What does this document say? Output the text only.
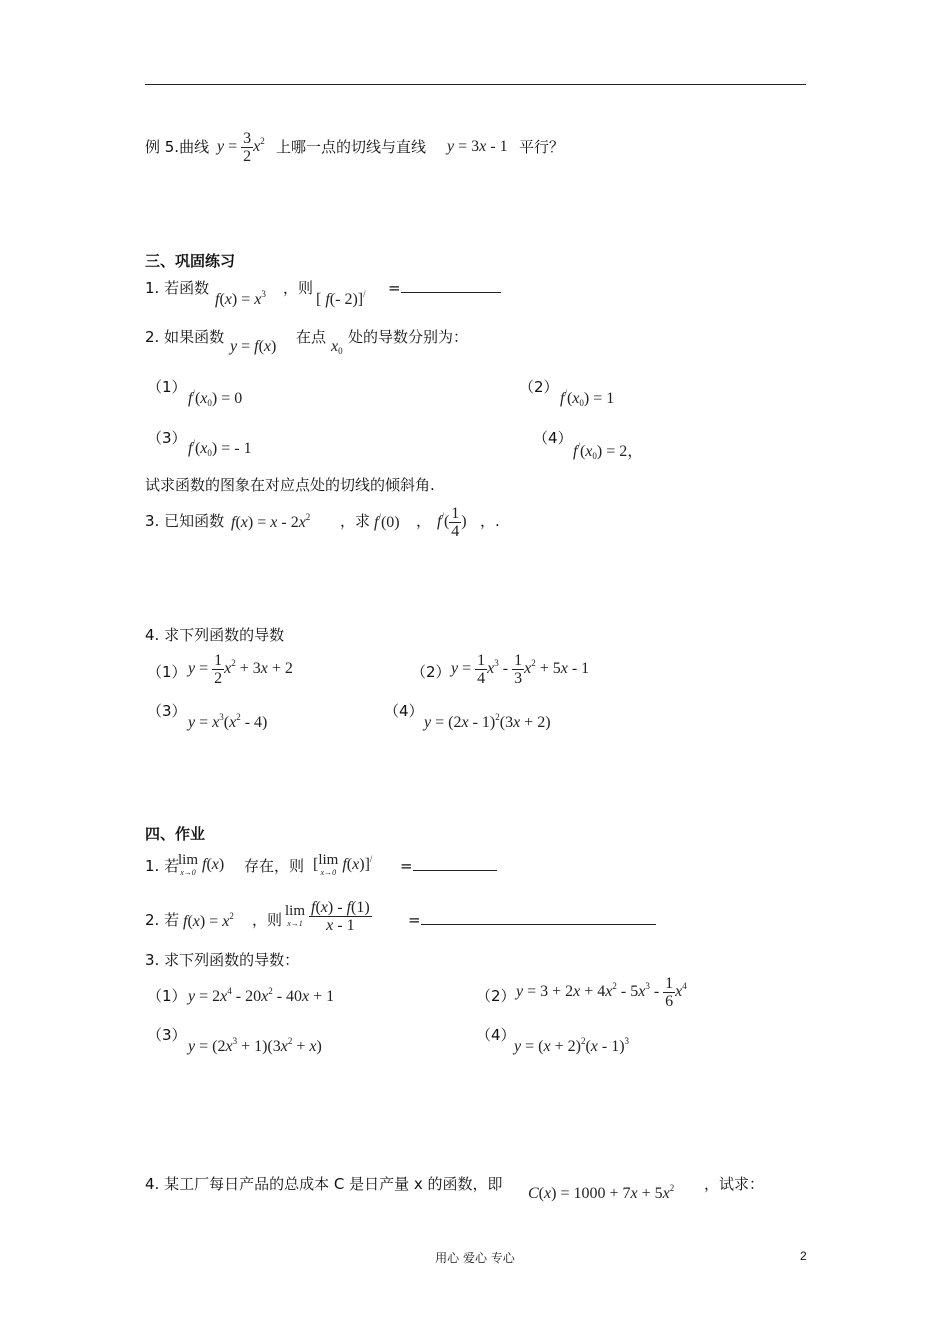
例 5.曲线 $y = \frac{3}{2} x^2$ 上哪一点的切线与直线 y = 3x - 1 平行？
三、巩固练习
1. 若函数
$f(x) = x^3$ ，则
[ f(- 2)]/ =
2. 如果函数
y = f(x)
在点
$x_0$
处的导数分别为：
（1）
$f^/(x_0) = 0$
（2）
$f^/(x_0) = 1$
（3）
$f^/(x_0)$ = - 1
（4）
$f^/(x_0) = 2$，
试求函数的图象在对应点处的切线的倾斜角.
3. 已知函数 $f(x) = x - 2x^2$ ，求 f/(0) ， $f^/( \frac{1}{4}$ ) ，.
4. 求下列函数的导数
（1） $y = \frac{1}{2} x^2 + 3x + 2$	（2） $y = \frac{1}{4} x^3 - \frac{1}{3} x^2 + 5x - 1$
（3）
$y = x^3(x^2 - 4)$
（4）
y = (2x - 1)$^2$(3x + 2)
四、作业
1. 若
lim
x→0 f(x) 存在，则 [ lim
x→0 f(x)]/ =
2. 若 $f(x) = x^2$ ，则 lim
$x\to 1 \frac{f(x) - f(1)}{x - 1}$ =
3. 求下列函数的导数：
（1） $y = 2x^4 - 20x^2 - 40x + 1$	（2） $y = 3 + 2x + 4x^2 - 5x^3 - \frac{1}{6} x^4$
（3）
$y = (2x^3 + 1)(3x^2 + x)$
（4）
$y = (x + 2)^2(x - 1)^3$
4. 某工厂每日产品的总成本 C 是日产量 x 的函数，即
$C(x) = 1000 + 7x + 5x^2$ ，试求：
用心 爱心 专心	2
